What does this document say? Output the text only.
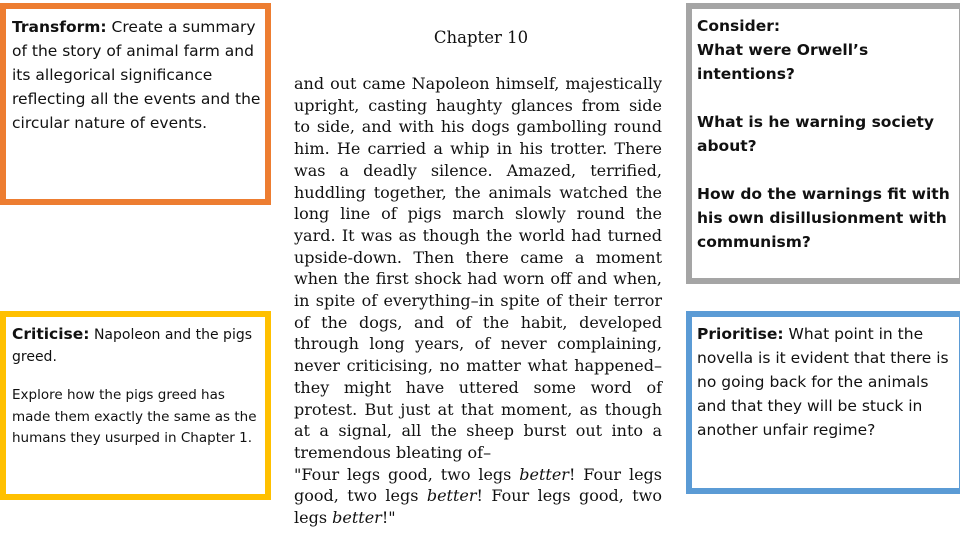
Transform: Create a summary of the story of animal farm and its allegorical significance reflecting all the events and the circular nature of events.
Criticise: Napoleon and the pigs
greed.
Explore how the pigs greed has made them exactly the same as the humans they usurped in Chapter 1.
Chapter 10
and out came Napoleon himself, majestically upright, casting haughty glances from side to side, and with his dogs gambolling round him. He carried a whip in his trotter. There was a deadly silence. Amazed, terrified, huddling together, the animals watched the long line of pigs march slowly round the yard. It was as though the world had turned upside-down. Then there came a moment when the first shock had worn off and when, in spite of everything–in spite of their terror of the dogs, and of the habit, developed through long years, of never complaining, never criticising, no matter what happened–they might have uttered some word of protest. But just at that moment, as though at a signal, all the sheep burst out into a tremendous bleating of–
"Four legs good, two legs better! Four legs good, two legs better! Four legs good, two legs better!"
Consider:
What were Orwell’s intentions?
What is he warning society about?
How do the warnings fit with his own disillusionment with communism?
Prioritise: What point in the novella is it evident that there is no going back for the animals and that they will be stuck in another unfair regime?
